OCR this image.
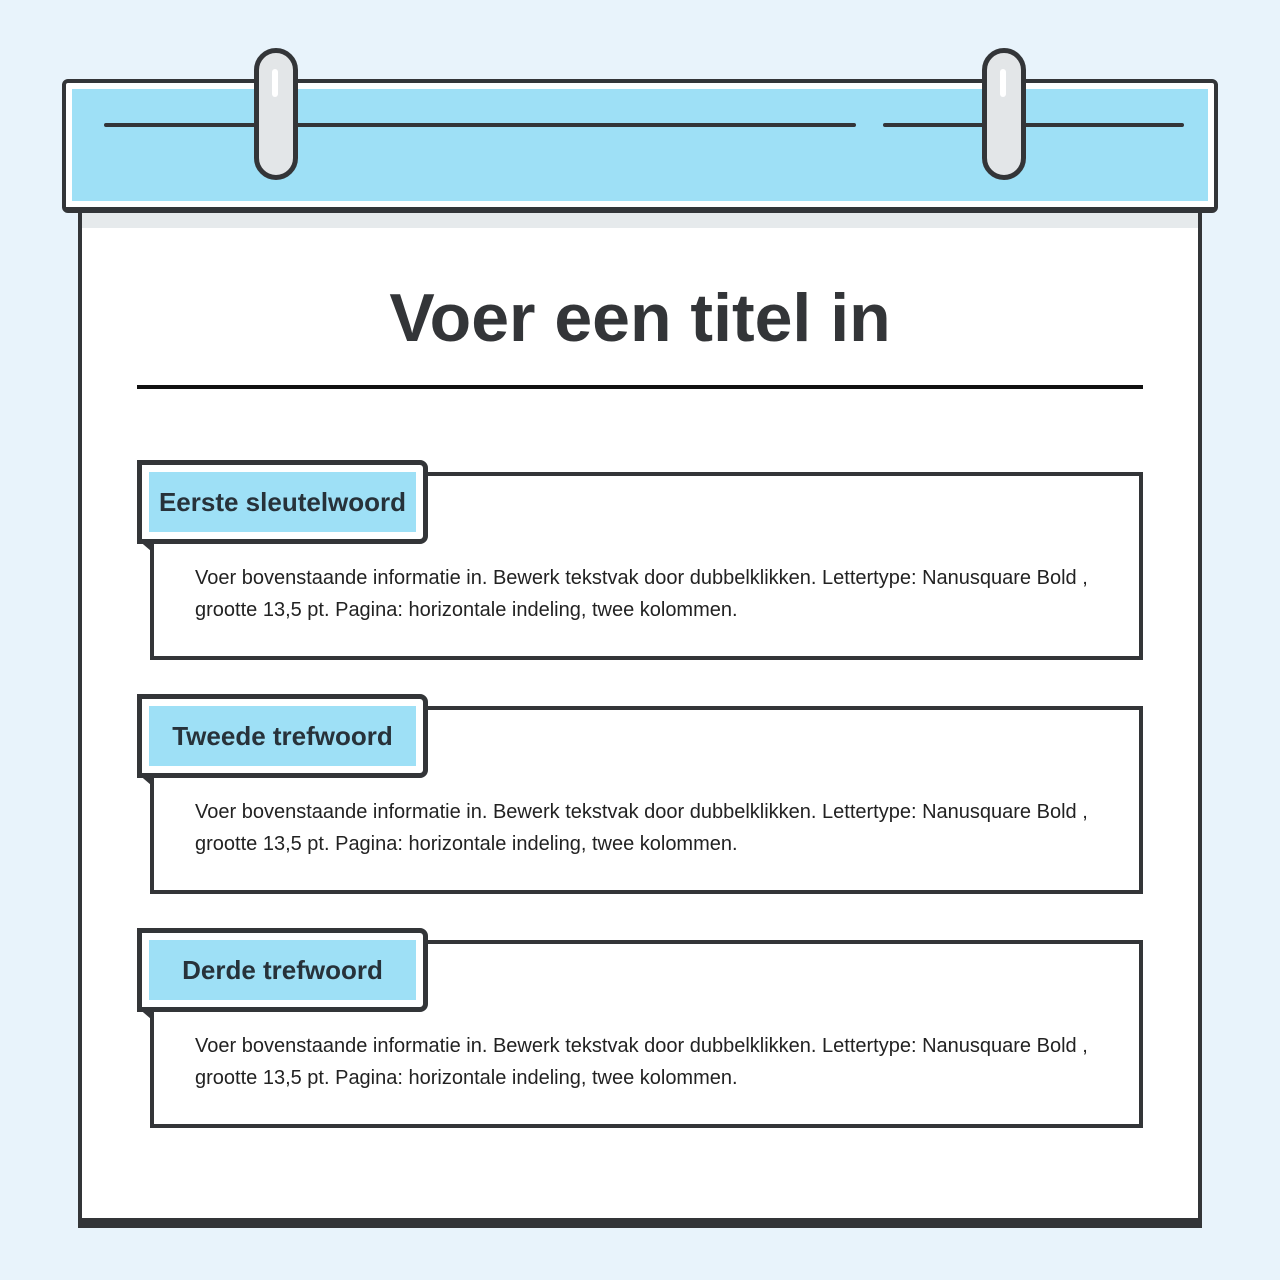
Voer een titel in
Eerste sleutelwoord

Voer bovenstaande informatie in. Bewerk tekstvak door dubbelklikken. Lettertype: Nanusquare Bold , grootte 13,5 pt. Pagina: horizontale indeling, twee kolommen.

Tweede trefwoord

Voer bovenstaande informatie in. Bewerk tekstvak door dubbelklikken. Lettertype: Nanusquare Bold , grootte 13,5 pt. Pagina: horizontale indeling, twee kolommen.

Derde trefwoord

Voer bovenstaande informatie in. Bewerk tekstvak door dubbelklikken. Lettertype: Nanusquare Bold , grootte 13,5 pt. Pagina: horizontale indeling, twee kolommen.
